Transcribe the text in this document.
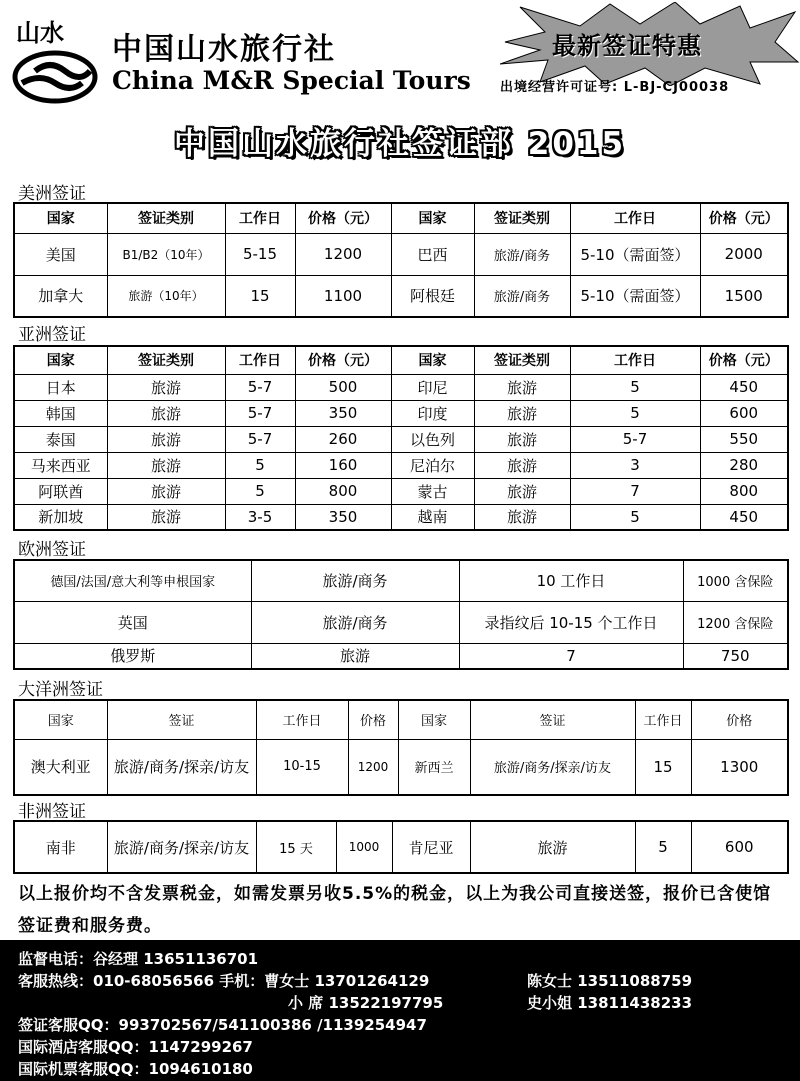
山水 中国山水旅行社
China M&R Special Tours
最新签证特惠
出境经营许可证号: L-BJ-CJ00038
中国山水旅行社签证部 2015
美洲签证
国家	签证类别	工作日	价格（元）	国家	签证类别	工作日	价格（元）
美国	B1/B2（10年）	5-15	1200	巴西	旅游/商务	5-10（需面签）	2000
加拿大	旅游（10年）	15	1100	阿根廷	旅游/商务	5-10（需面签）	1500
亚洲签证
国家	签证类别	工作日	价格（元）	国家	签证类别	工作日	价格（元）
日本	旅游	5-7	500	印尼	旅游	5	450
韩国	旅游	5-7	350	印度	旅游	5	600
泰国	旅游	5-7	260	以色列	旅游	5-7	550
马来西亚	旅游	5	160	尼泊尔	旅游	3	280
阿联酋	旅游	5	800	蒙古	旅游	7	800
新加坡	旅游	3-5	350	越南	旅游	5	450
欧洲签证
德国/法国/意大利等申根国家	旅游/商务	10 工作日	1000 含保险
英国	旅游/商务	录指纹后 10-15 个工作日	1200 含保险
俄罗斯	旅游	7	750
大洋洲签证
国家	签证	工作日	价格	国家	签证	工作日	价格
澳大利亚	旅游/商务/探亲/访友	10-15	1200	新西兰	旅游/商务/探亲/访友	15	1300
非洲签证
南非	旅游/商务/探亲/访友	15 天	1000	肯尼亚	旅游	5	600
以上报价均不含发票税金，如需发票另收5.5%的税金，以上为我公司直接送签，报价已含使馆签证费和服务费。
监督电话：谷经理 13651136701
客服热线：010-68056566 手机：曹女士 13701264129	陈女士 13511088759
小 席 13522197795	史小姐 13811438233
签证客服QQ：993702567/541100386 /1139254947
国际酒店客服QQ：1147299267
国际机票客服QQ：1094610180
